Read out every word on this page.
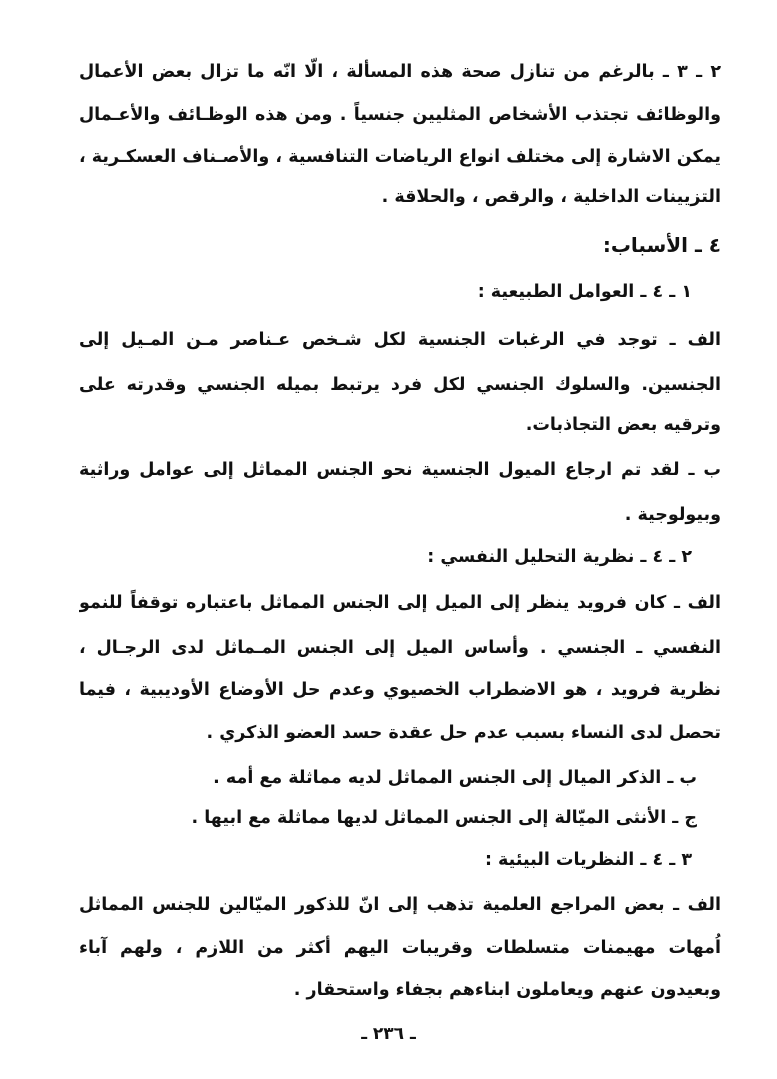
٢ ـ ٣ ـ بالرغم من تنازل صحة هذه المسألة ، الّا انّه ما تزال بعض الأعمال
والوظائف تجتذب الأشخاص المثليين جنسياً . ومن هذه الوظـائف والأعـمال
يمكن الاشارة إلى مختلف انواع الرياضات التنافسية ، والأصـناف العسكـرية ،
التزيينات الداخلية ، والرقص ، والحلاقة .
٤ ـ الأسباب:
١ ـ ٤ ـ العوامل الطبيعية :
الف ـ توجد في الرغبات الجنسية لكل شـخص عـناصر مـن المـيل إلى
الجنسين. والسلوك الجنسي لكل فرد يرتبط بميله الجنسي وقدرته على
وترقيه بعض التجاذبات.
ب ـ لقد تم ارجاع الميول الجنسية نحو الجنس المماثل إلى عوامل وراثية
وبيولوجية .
٢ ـ ٤ ـ نظرية التحليل النفسي :
الف ـ كان فرويد ينظر إلى الميل إلى الجنس المماثل باعتباره توقفاً للنمو
النفسي ـ الجنسي . وأساس الميل إلى الجنس المـماثل لدى الرجـال ،
نظرية فرويد ، هو الاضطراب الخصيوي وعدم حل الأوضاع الأوديبية ، فيما
تحصل لدى النساء بسبب عدم حل عقدة حسد العضو الذكري .
ب ـ الذكر الميال إلى الجنس المماثل لديه مماثلة مع أمه .
ج ـ الأنثى الميّالة إلى الجنس المماثل لديها مماثلة مع ابيها .
٣ ـ ٤ ـ النظريات البيئية :
الف ـ بعض المراجع العلمية تذهب إلى انّ للذكور الميّالين للجنس المماثل
اُمهات مهيمنات متسلطات وقريبات اليهم أكثر من اللازم ، ولهم آباء
وبعيدون عنهم ويعاملون ابناءهم بجفاء واستحقار .
ـ ٢٣٦ ـ
